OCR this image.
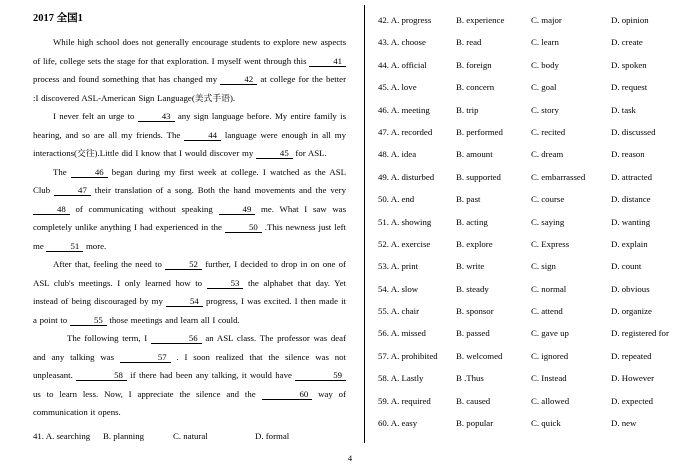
2017 全国1

While high school does not generally encourage students to explore new aspects of life, college sets the stage for that exploration. I myself went through this	41 process and found something that has changed my	42 at college for the better :I discovered ASL-American Sign Language(美式手语).

I never felt an urge to	43 any sign language before. My entire family is hearing, and so are all my friends. The	44 language were enough in all my interactions(交往).Little did I know that I would discover my	45 for ASL.

The	46 began during my first week at college. I watched as the ASL Club	47 their translation of a song. Both the hand movements and the very 48 of communicating without speaking	49 me. What I saw was completely unlike anything I had experienced in the	50 .This newness just left me	51 more.

After that, feeling the need to	52 further, I decided to drop in on one of ASL club's meetings. I only learned how to	53 the alphabet that day. Yet instead of being discouraged by my	54 progress, I was excited. I then made it a point to	55 those meetings and learn all I could.

The following term, I	56 an ASL class. The professor was deaf and any talking was	57 . I soon realized that the silence was not unpleasant.	58 if there had been any talking, it would have	59 us to learn less. Now, I appreciate the silence and the	60 way of communication it opens.

41. A. searching	B. planning	C. natural	D. formal
42. A. progress	B. experience	C. major	D. opinion
43. A. choose	B. read	C. learn	D. create
44. A. official	B. foreign	C. body	D. spoken
45. A. love	B. concern	C. goal	D. request
46. A. meeting	B. trip	C. story	D. task
47. A. recorded	B. performed	C. recited	D. discussed
48. A. idea	B. amount	C. dream	D. reason
49. A. disturbed	B. supported	C. embarrassed	D. attracted
50. A. end	B. past	C. course	D. distance
51. A. showing	B. acting	C. saying	D. wanting
52. A. exercise	B. explore	C. Express	D. explain
53. A. print	B. write	C. sign	D. count
54. A. slow	B. steady	C. normal	D. obvious
55. A. chair	B. sponsor	C. attend	D. organize
56. A. missed	B. passed	C. gave up	D. registered for
57. A. prohibited	B. welcomed	C. ignored	D. repeated
58. A. Lastly	B .Thus	C. Instead	D. However
59. A. required	B. caused	C. allowed	D. expected
60. A. easy	B. popular	C. quick	D. new
4
